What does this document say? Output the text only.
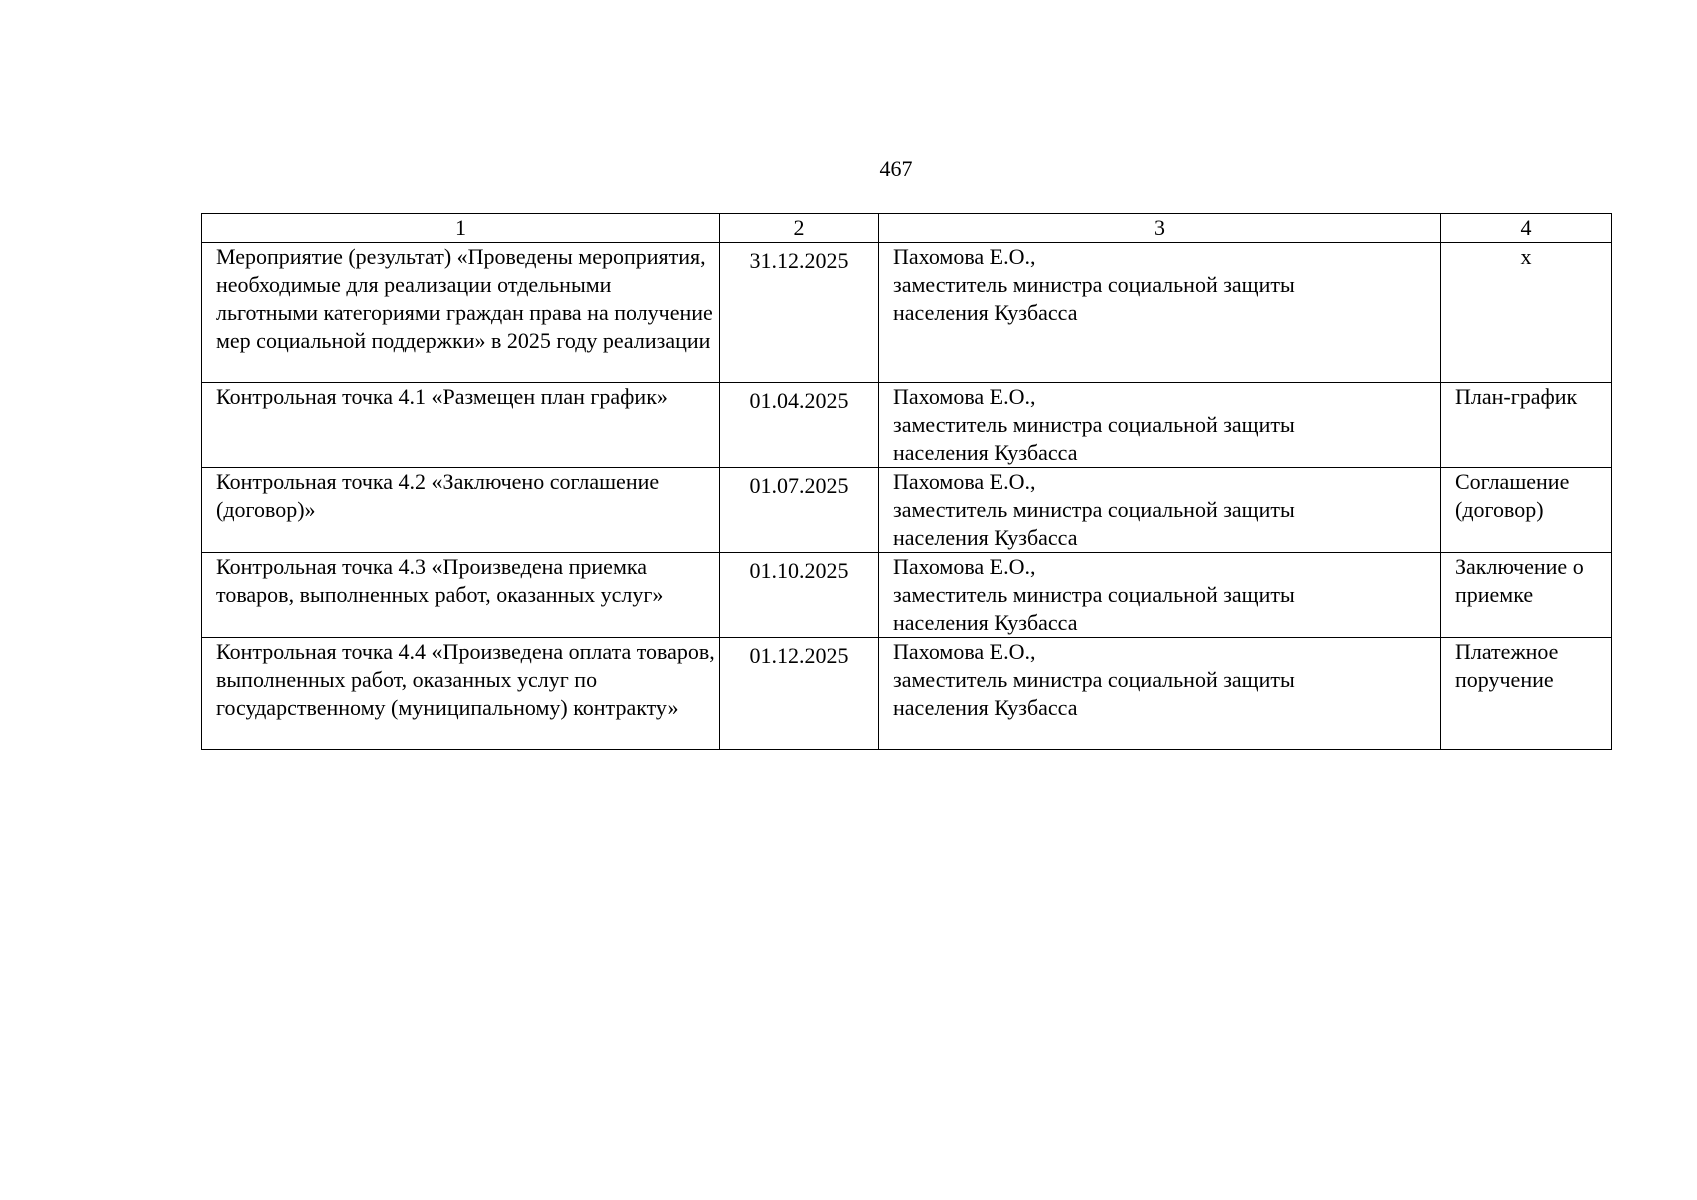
467
1	2	3	4
Мероприятие (результат) «Проведены мероприятия, необходимые для реализации отдельными льготными категориями граждан права на получение мер социальной поддержки» в 2025 году реализации	31.12.2025	Пахомова Е.О.,
заместитель министра социальной защиты
населения Кузбасса	х
Контрольная точка 4.1 «Размещен план график»	01.04.2025	Пахомова Е.О.,
заместитель министра социальной защиты
населения Кузбасса	План-график
Контрольная точка 4.2 «Заключено соглашение (договор)»	01.07.2025	Пахомова Е.О.,
заместитель министра социальной защиты
населения Кузбасса	Соглашение (договор)
Контрольная точка 4.3 «Произведена приемка товаров, выполненных работ, оказанных услуг»	01.10.2025	Пахомова Е.О.,
заместитель министра социальной защиты
населения Кузбасса	Заключение о приемке
Контрольная точка 4.4 «Произведена оплата товаров, выполненных работ, оказанных услуг по государственному (муниципальному) контракту»	01.12.2025	Пахомова Е.О.,
заместитель министра социальной защиты
населения Кузбасса	Платежное поручение
